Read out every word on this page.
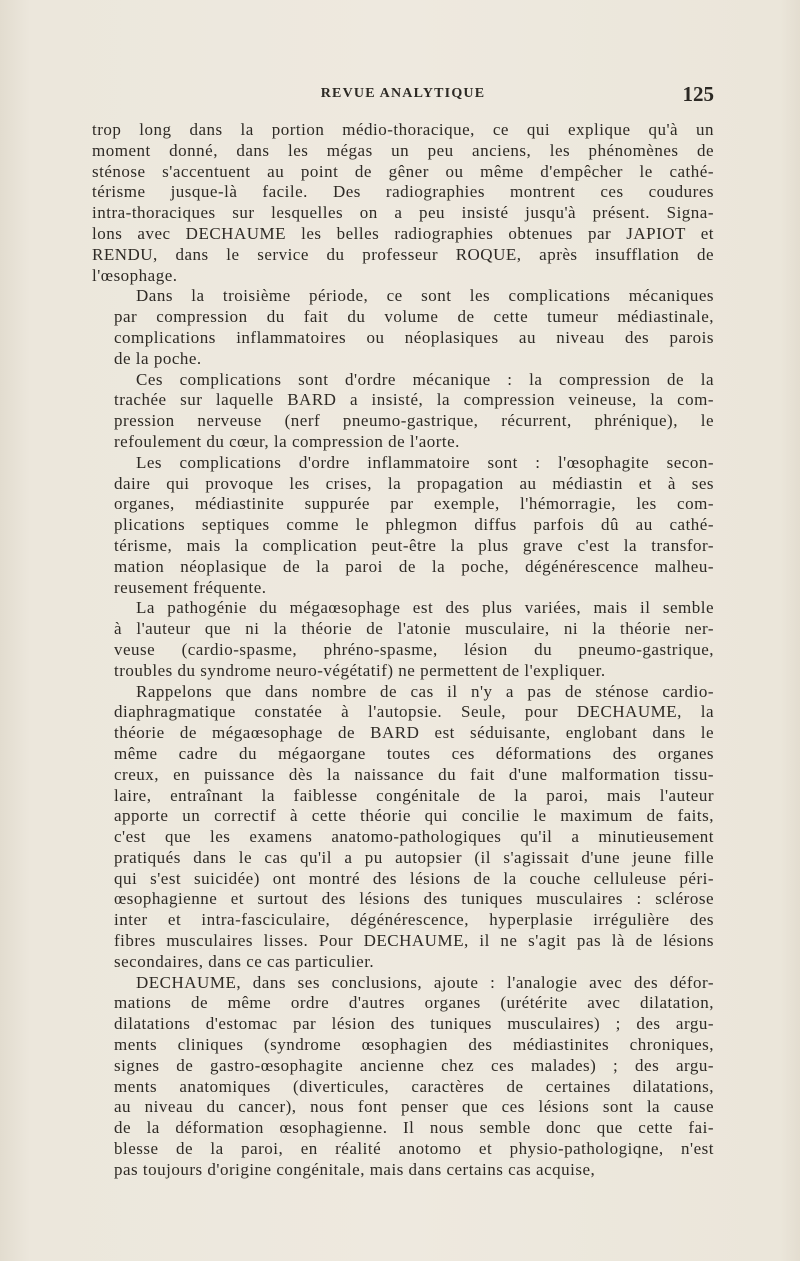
REVUE ANALYTIQUE	125
trop long dans la portion médio-thoracique, ce qui explique qu'à un
moment donné, dans les mégas un peu anciens, les phénomènes de
sténose s'accentuent au point de gêner ou même d'empêcher le cathé-
térisme jusque-là facile. Des radiographies montrent ces coudures
intra-thoraciques sur lesquelles on a peu insisté jusqu'à présent. Signa-
lons avec DECHAUME les belles radiographies obtenues par JAPIOT et
RENDU, dans le service du professeur ROQUE, après insufflation de
l'œsophage.
Dans la troisième période, ce sont les complications mécaniques
par compression du fait du volume de cette tumeur médiastinale,
complications inflammatoires ou néoplasiques au niveau des parois
de la poche.
Ces complications sont d'ordre mécanique : la compression de la
trachée sur laquelle BARD a insisté, la compression veineuse, la com-
pression nerveuse (nerf pneumo-gastrique, récurrent, phrénique), le
refoulement du cœur, la compression de l'aorte.
Les complications d'ordre inflammatoire sont : l'œsophagite secon-
daire qui provoque les crises, la propagation au médiastin et à ses
organes, médiastinite suppurée par exemple, l'hémorragie, les com-
plications septiques comme le phlegmon diffus parfois dû au cathé-
térisme, mais la complication peut-être la plus grave c'est la transfor-
mation néoplasique de la paroi de la poche, dégénérescence malheu-
reusement fréquente.
La pathogénie du mégaœsophage est des plus variées, mais il semble
à l'auteur que ni la théorie de l'atonie musculaire, ni la théorie ner-
veuse (cardio-spasme, phréno-spasme, lésion du pneumo-gastrique,
troubles du syndrome neuro-végétatif) ne permettent de l'expliquer.
Rappelons que dans nombre de cas il n'y a pas de sténose cardio-
diaphragmatique constatée à l'autopsie. Seule, pour DECHAUME, la
théorie de mégaœsophage de BARD est séduisante, englobant dans le
même cadre du mégaorgane toutes ces déformations des organes
creux, en puissance dès la naissance du fait d'une malformation tissu-
laire, entraînant la faiblesse congénitale de la paroi, mais l'auteur
apporte un correctif à cette théorie qui concilie le maximum de faits,
c'est que les examens anatomo-pathologiques qu'il a minutieusement
pratiqués dans le cas qu'il a pu autopsier (il s'agissait d'une jeune fille
qui s'est suicidée) ont montré des lésions de la couche celluleuse péri-
œsophagienne et surtout des lésions des tuniques musculaires : sclérose
inter et intra-fasciculaire, dégénérescence, hyperplasie irrégulière des
fibres musculaires lisses. Pour DECHAUME, il ne s'agit pas là de lésions
secondaires, dans ce cas particulier.
DECHAUME, dans ses conclusions, ajoute : l'analogie avec des défor-
mations de même ordre d'autres organes (urétérite avec dilatation,
dilatations d'estomac par lésion des tuniques musculaires) ; des argu-
ments cliniques (syndrome œsophagien des médiastinites chroniques,
signes de gastro-œsophagite ancienne chez ces malades) ; des argu-
ments anatomiques (diverticules, caractères de certaines dilatations,
au niveau du cancer), nous font penser que ces lésions sont la cause
de la déformation œsophagienne. Il nous semble donc que cette fai-
blesse de la paroi, en réalité anotomo et physio-pathologiqne, n'est
pas toujours d'origine congénitale, mais dans certains cas acquise,
